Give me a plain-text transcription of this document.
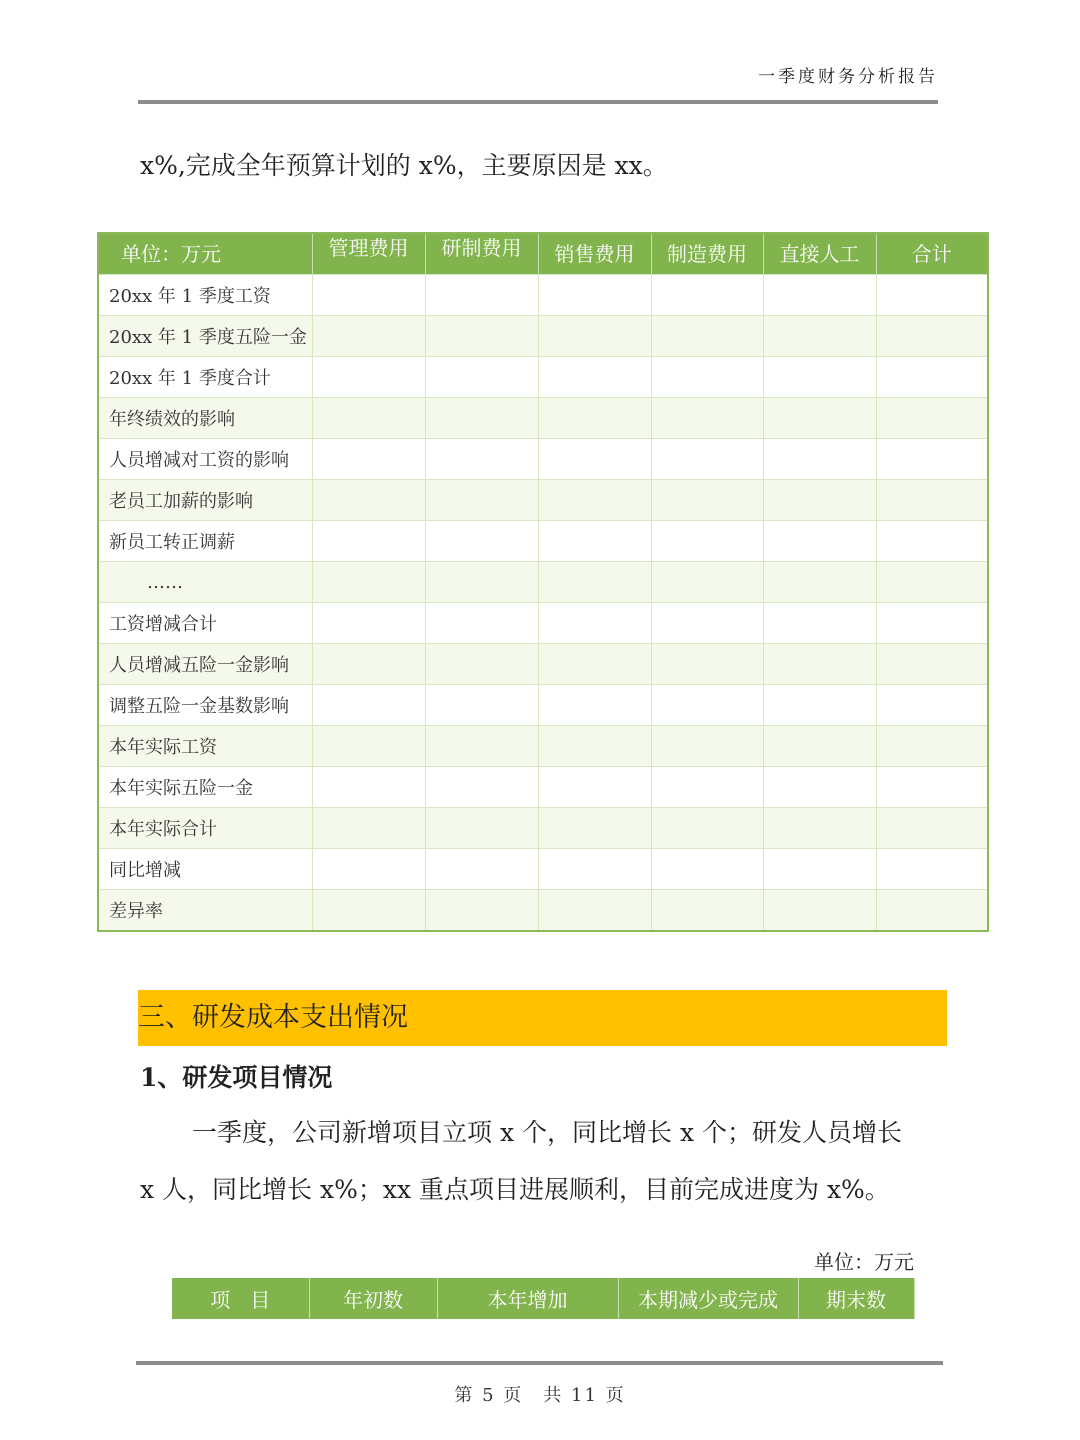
一季度财务分析报告
x%,完成全年预算计划的 x%，主要原因是 xx。
单位：万元	管理费用	研制费用	销售费用	制造费用	直接人工	合计
20xx 年 1 季度工资						
20xx 年 1 季度五险一金						
20xx 年 1 季度合计						
年终绩效的影响						
人员增减对工资的影响						
老员工加薪的影响						
新员工转正调薪						
……						
工资增减合计						
人员增减五险一金影响						
调整五险一金基数影响						
本年实际工资						
本年实际五险一金						
本年实际合计						
同比增减						
差异率						
三、研发成本支出情况
1、研发项目情况
一季度，公司新增项目立项 x 个，同比增长 x 个；研发人员增长
x 人，同比增长 x%；xx 重点项目进展顺利，目前完成进度为 x%。
单位：万元
项　目	年初数	本年增加	本期减少或完成	期末数
第 5 页　共 11 页
